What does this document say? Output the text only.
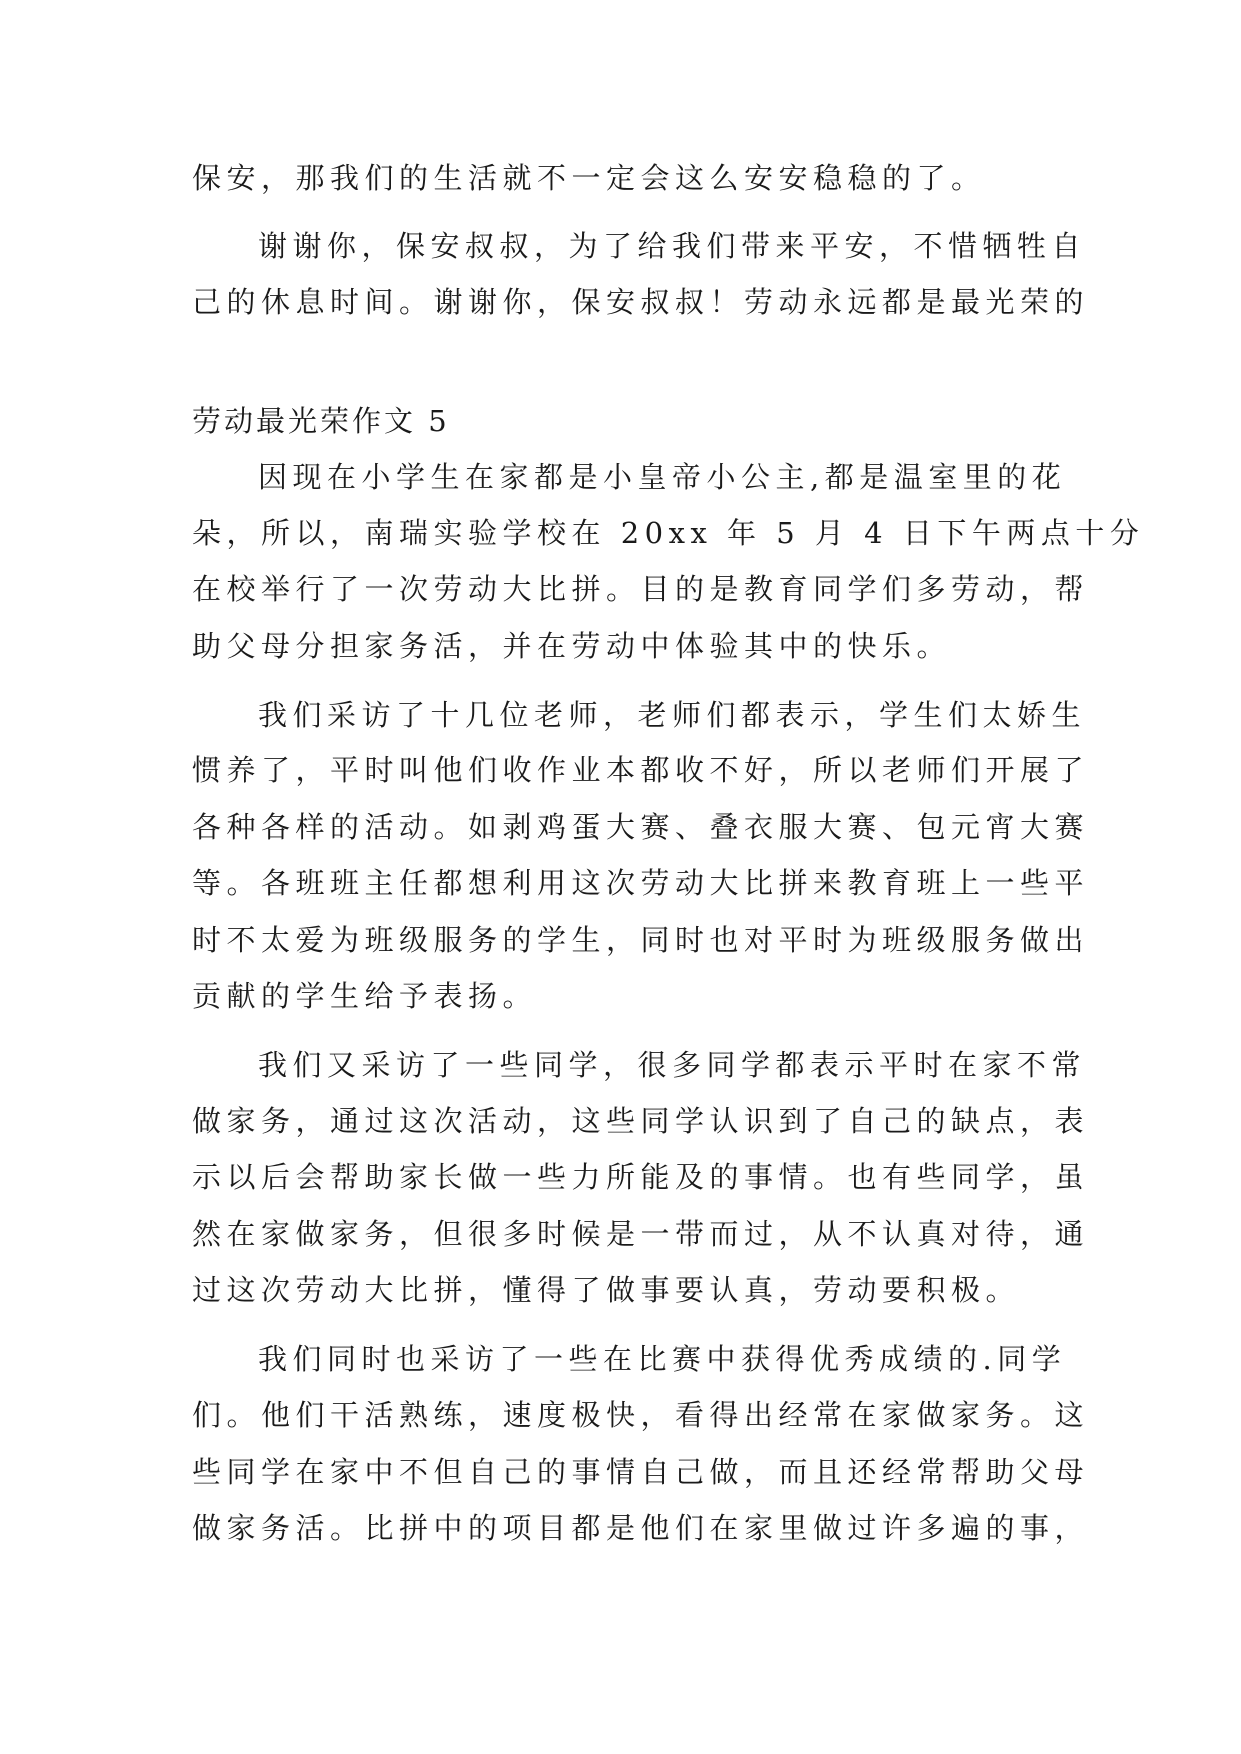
保安，那我们的生活就不一定会这么安安稳稳的了。
谢谢你，保安叔叔，为了给我们带来平安，不惜牺牲自
己的休息时间。谢谢你，保安叔叔！劳动永远都是最光荣的
劳动最光荣作文 5
因现在小学生在家都是小皇帝小公主,都是温室里的花
朵，所以，南瑞实验学校在 20xx 年 5 月 4 日下午两点十分
在校举行了一次劳动大比拼。目的是教育同学们多劳动，帮
助父母分担家务活，并在劳动中体验其中的快乐。
我们采访了十几位老师，老师们都表示，学生们太娇生
惯养了，平时叫他们收作业本都收不好，所以老师们开展了
各种各样的活动。如剥鸡蛋大赛、叠衣服大赛、包元宵大赛
等。各班班主任都想利用这次劳动大比拼来教育班上一些平
时不太爱为班级服务的学生，同时也对平时为班级服务做出
贡献的学生给予表扬。
我们又采访了一些同学，很多同学都表示平时在家不常
做家务，通过这次活动，这些同学认识到了自己的缺点，表
示以后会帮助家长做一些力所能及的事情。也有些同学，虽
然在家做家务，但很多时候是一带而过，从不认真对待，通
过这次劳动大比拼，懂得了做事要认真，劳动要积极。
我们同时也采访了一些在比赛中获得优秀成绩的.同学
们。他们干活熟练，速度极快，看得出经常在家做家务。这
些同学在家中不但自己的事情自己做，而且还经常帮助父母
做家务活。比拼中的项目都是他们在家里做过许多遍的事，
